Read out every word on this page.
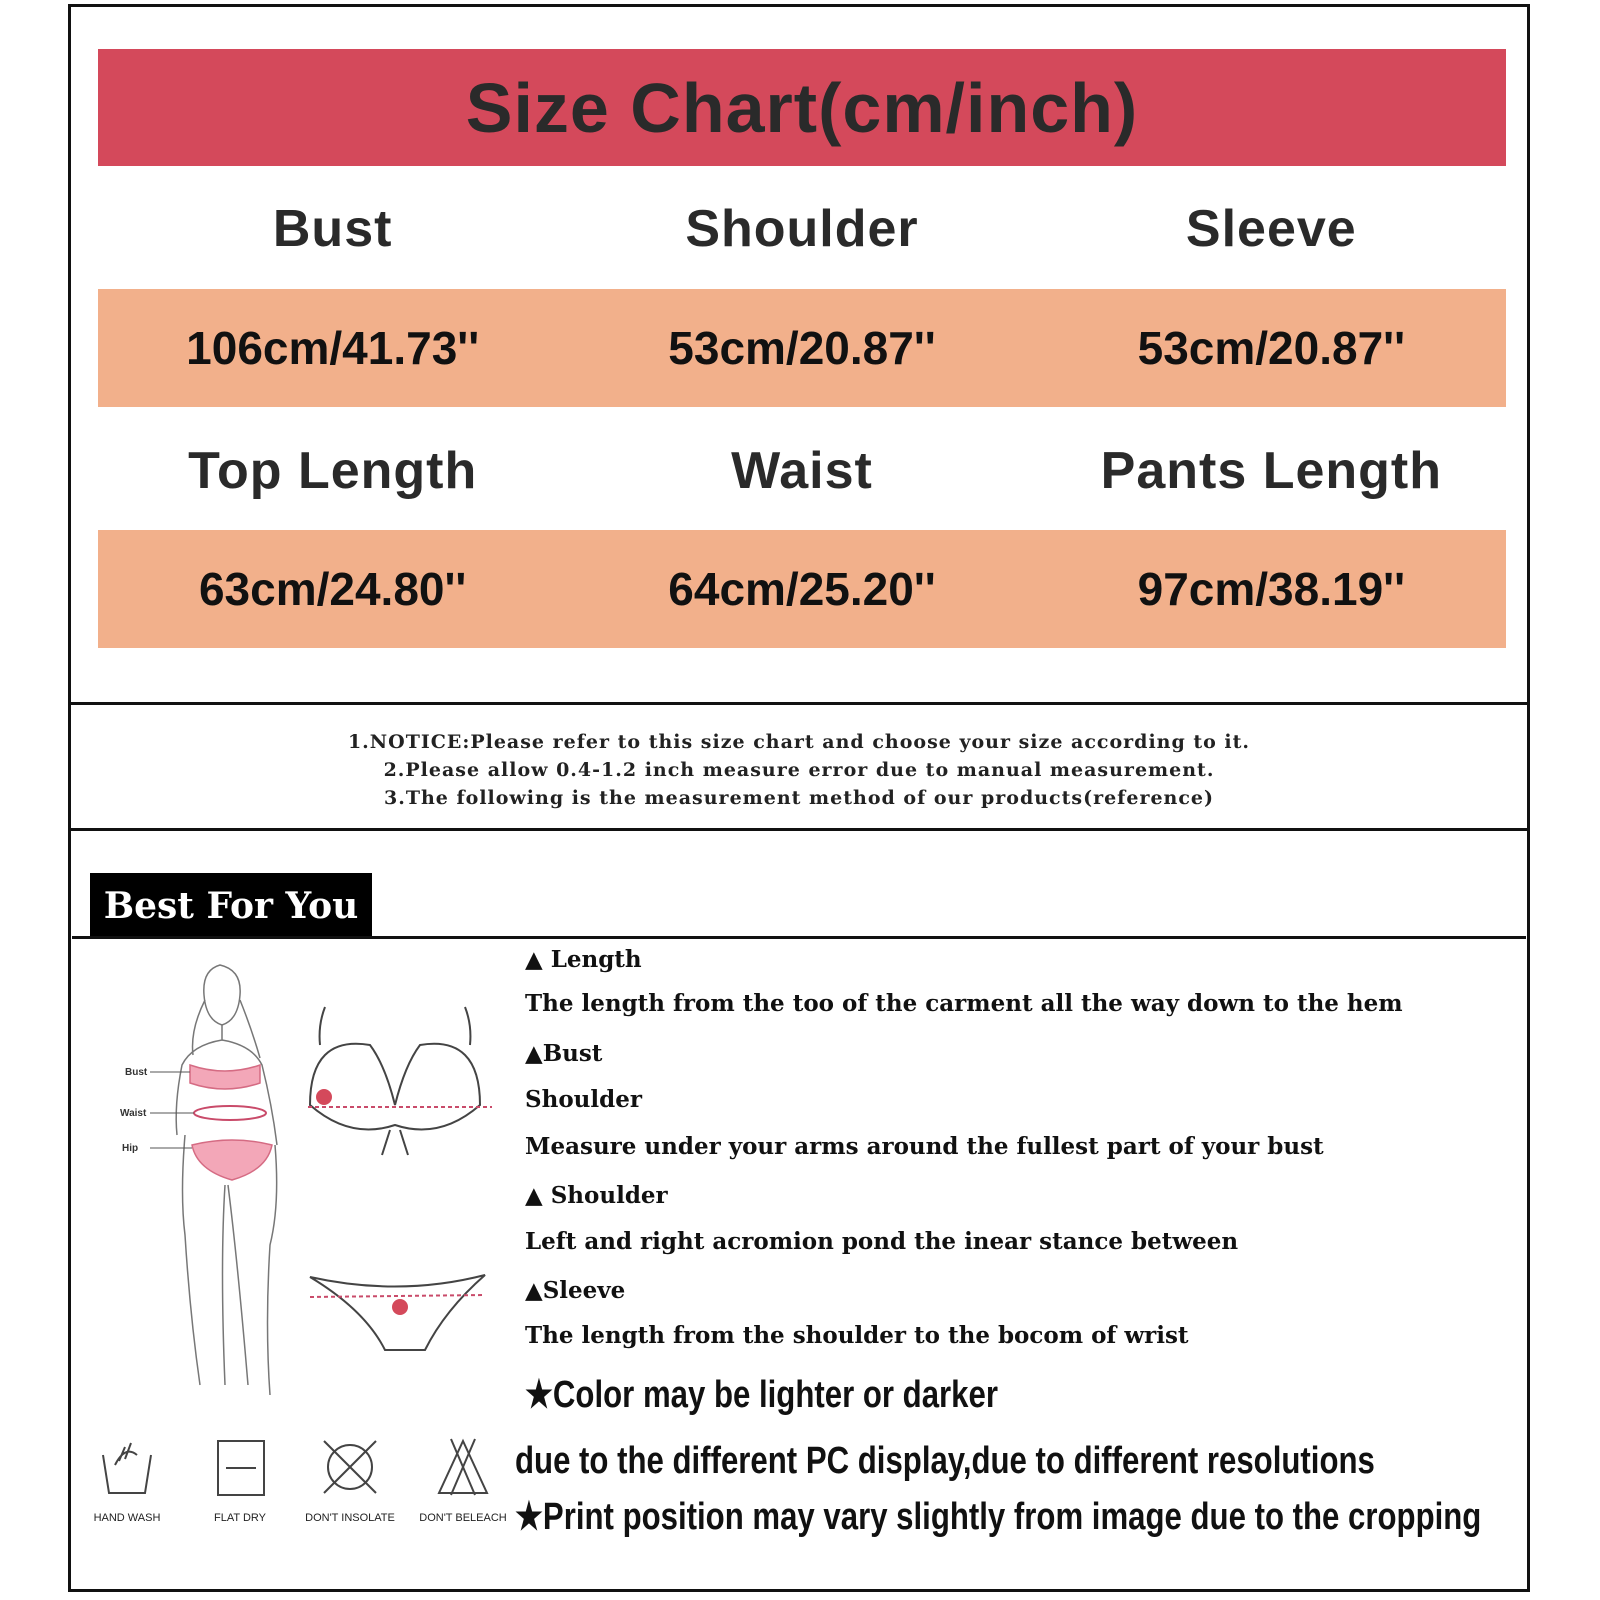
Size Chart(cm/inch)
Bust	Shoulder	Sleeve
106cm/41.73''	53cm/20.87''	53cm/20.87''
Top Length	Waist	Pants Length
63cm/24.80''	64cm/25.20''	97cm/38.19''
1.NOTICE:Please refer to this size chart and choose your size according to it.
2.Please allow 0.4-1.2 inch measure error due to manual measurement.
3.The following is the measurement method of our products(reference)
Best For You
Bust
Waist
Hip
▲ Length
The length from the too of the carment all the way down to the hem
▲Bust
Shoulder
Measure under your arms around the fullest part of your bust
▲ Shoulder
Left and right acromion pond the inear stance between
▲Sleeve
The length from the shoulder to the bocom of wrist
★Color may be lighter or darker
due to the different PC display,due to different resolutions
★Print position may vary slightly from image due to the cropping
HAND WASH	FLAT DRY	DON'T INSOLATE DON'T BELEACH
